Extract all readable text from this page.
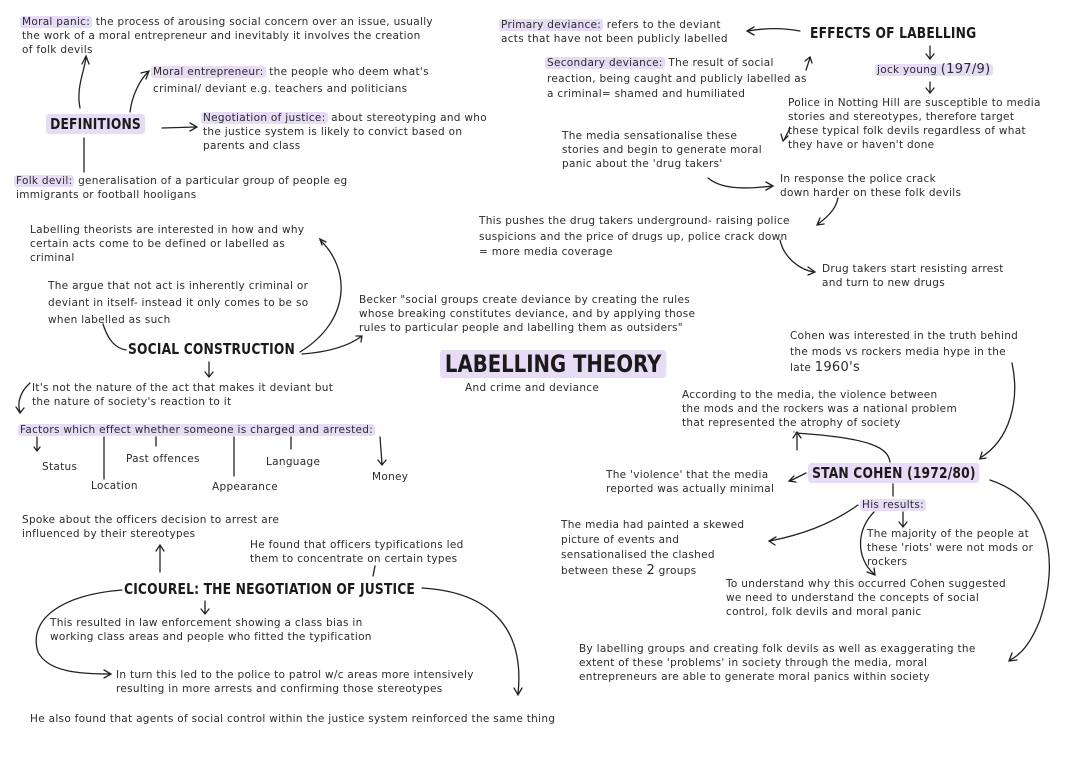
Moral panic: the process of arousing social concern over an issue, usually
the work of a moral entrepreneur and inevitably it involves the creation
of folk devils
Moral entrepreneur: the people who deem what's
criminal/ deviant e.g. teachers and politicians
DEFINITIONS	Negotiation of justice: about stereotyping and who
the justice system is likely to convict based on
parents and class
Folk devil: generalisation of a particular group of people eg
immigrants or football hooligans
Labelling theorists are interested in how and why
certain acts come to be defined or labelled as
criminal
The argue that not act is inherently criminal or
deviant in itself- instead it only comes to be so
when labelled as such
Becker "social groups create deviance by creating the rules
whose breaking constitutes deviance, and by applying those
rules to particular people and labelling them as outsiders"
SOCIAL CONSTRUCTION
It's not the nature of the act that makes it deviant but
the nature of society's reaction to it
Factors which effect whether someone is charged and arrested:
Status
Location
Past offences
Appearance
Language
Money
Spoke about the officers decision to arrest are
influenced by their stereotypes
He found that officers typifications led
them to concentrate on certain types
CICOUREL: THE NEGOTIATION OF JUSTICE
This resulted in law enforcement showing a class bias in
working class areas and people who fitted the typification
In turn this led to the police to patrol w/c areas more intensively
resulting in more arrests and confirming those stereotypes
He also found that agents of social control within the justice system reinforced the same thing
LABELLING THEORY
And crime and deviance
Primary deviance: refers to the deviant
acts that have not been publicly labelled	EFFECTS OF LABELLING
Secondary deviance: The result of social
reaction, being caught and publicly labelled as
a criminal= shamed and humiliated
jock young (197/9)
Police in Notting Hill are susceptible to media
stories and stereotypes, therefore target
these typical folk devils regardless of what
they have or haven't done
The media sensationalise these
stories and begin to generate moral
panic about the 'drug takers'
In response the police crack
down harder on these folk devils
This pushes the drug takers underground- raising police
suspicions and the price of drugs up, police crack down
= more media coverage
Drug takers start resisting arrest
and turn to new drugs
Cohen was interested in the truth behind
the mods vs rockers media hype in the
late 1960's
According to the media, the violence between
the mods and the rockers was a national problem
that represented the atrophy of society
The 'violence' that the media
reported was actually minimal
STAN COHEN (1972/80)
His results:
The media had painted a skewed
picture of events and
sensationalised the clashed
between these 2 groups
The majority of the people at
these 'riots' were not mods or
rockers
To understand why this occurred Cohen suggested
we need to understand the concepts of social
control, folk devils and moral panic
By labelling groups and creating folk devils as well as exaggerating the
extent of these 'problems' in society through the media, moral
entrepreneurs are able to generate moral panics within society
